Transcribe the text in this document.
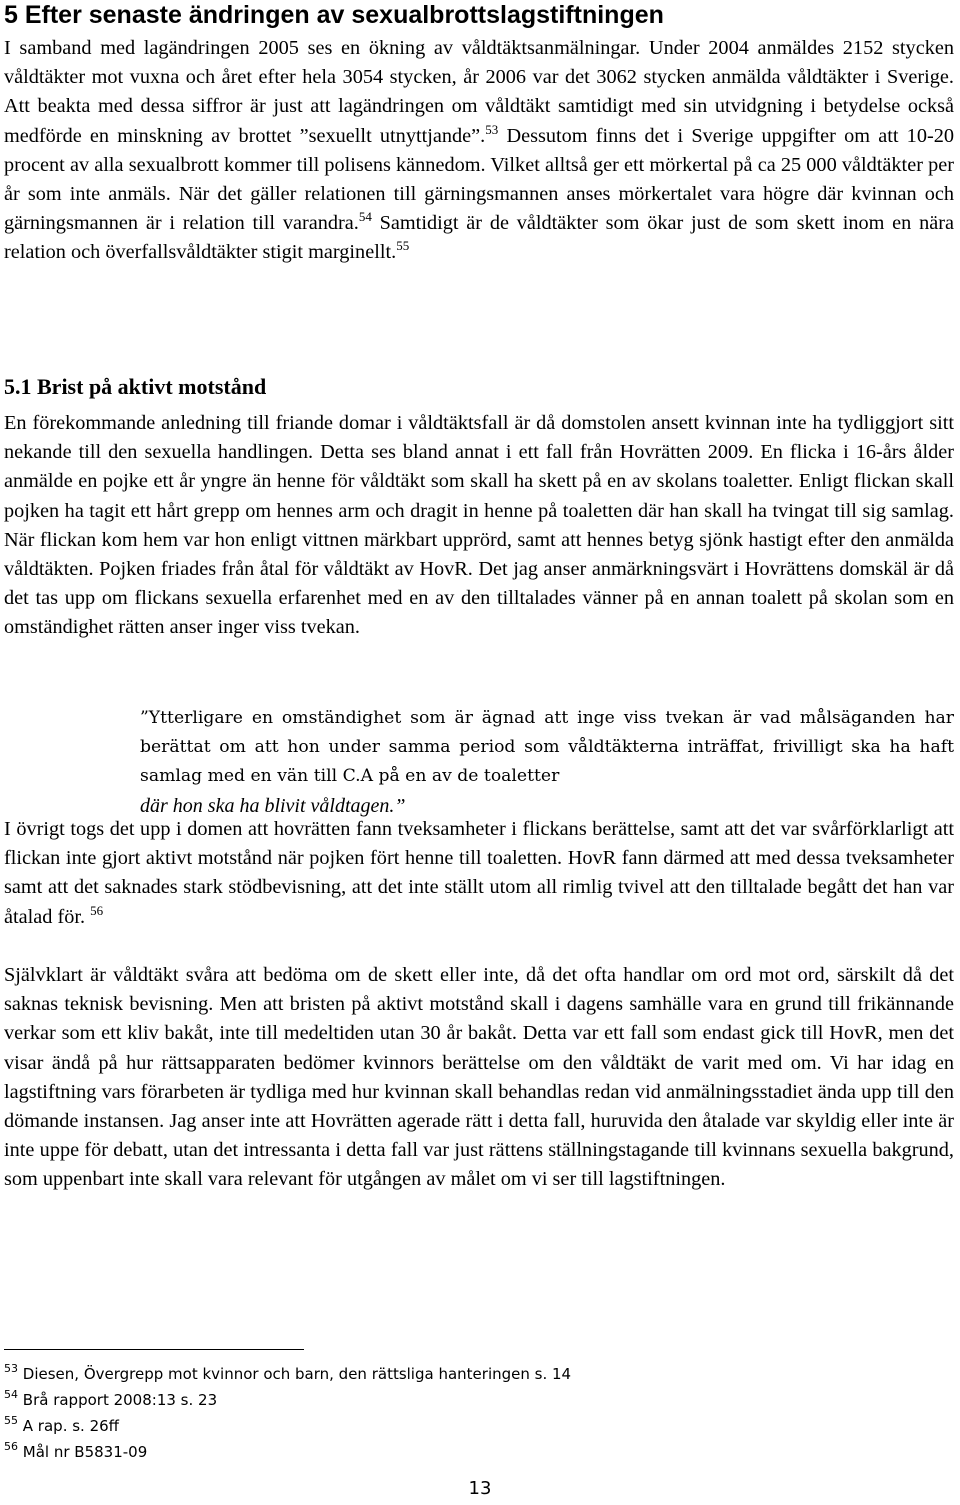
5 Efter senaste ändringen av sexualbrottslagstiftningen

I samband med lagändringen 2005 ses en ökning av våldtäktsanmälningar. Under 2004 anmäldes 2152 stycken våldtäkter mot vuxna och året efter hela 3054 stycken, år 2006 var det 3062 stycken anmälda våldtäkter i Sverige. Att beakta med dessa siffror är just att lagändringen om våldtäkt samtidigt med sin utvidgning i betydelse också medförde en minskning av brottet ”sexuellt utnyttjande”.$^{53}$ Dessutom finns det i Sverige uppgifter om att 10-20 procent av alla sexualbrott kommer till polisens kännedom. Vilket alltså ger ett mörkertal på ca 25 000 våldtäkter per år som inte anmäls. När det gäller relationen till gärningsmannen anses mörkertalet vara högre där kvinnan och gärningsmannen är i relation till varandra.$^{54}$ Samtidigt är de våldtäkter som ökar just de som skett inom en nära relation och överfallsvåldtäkter stigit marginellt.$^{55}$

5.1 Brist på aktivt motstånd

En förekommande anledning till friande domar i våldtäktsfall är då domstolen ansett kvinnan inte ha tydliggjort sitt nekande till den sexuella handlingen. Detta ses bland annat i ett fall från Hovrätten 2009. En flicka i 16-års ålder anmälde en pojke ett år yngre än henne för våldtäkt som skall ha skett på en av skolans toaletter. Enligt flickan skall pojken ha tagit ett hårt grepp om hennes arm och dragit in henne på toaletten där han skall ha tvingat till sig samlag. När flickan kom hem var hon enligt vittnen märkbart upprörd, samt att hennes betyg sjönk hastigt efter den anmälda våldtäkten. Pojken friades från åtal för våldtäkt av HovR. Det jag anser anmärkningsvärt i Hovrättens domskäl är då det tas upp om flickans sexuella erfarenhet med en av den tilltalades vänner på en annan toalett på skolan som en omständighet rätten anser inger viss tvekan.

”Ytterligare en omständighet som är ägnad att inge viss tvekan är vad målsäganden har berättat om att hon under samma period som våldtäkterna inträffat, frivilligt ska ha haft samlag med en vän till C.A på en av de toaletter
där hon ska ha blivit våldtagen.”

I övrigt togs det upp i domen att hovrätten fann tveksamheter i flickans berättelse, samt att det var svårförklarligt att flickan inte gjort aktivt motstånd när pojken fört henne till toaletten. HovR fann därmed att med dessa tveksamheter samt att det saknades stark stödbevisning, att det inte ställt utom all rimlig tvivel att den tilltalade begått det han var åtalad för. $^{56}$

Självklart är våldtäkt svåra att bedöma om de skett eller inte, då det ofta handlar om ord mot ord, särskilt då det saknas teknisk bevisning. Men att bristen på aktivt motstånd skall i dagens samhälle vara en grund till frikännande verkar som ett kliv bakåt, inte till medeltiden utan 30 år bakåt. Detta var ett fall som endast gick till HovR, men det visar ändå på hur rättsapparaten bedömer kvinnors berättelse om den våldtäkt de varit med om. Vi har idag en lagstiftning vars förarbeten är tydliga med hur kvinnan skall behandlas redan vid anmälningsstadiet ända upp till den dömande instansen. Jag anser inte att Hovrätten agerade rätt i detta fall, huruvida den åtalade var skyldig eller inte är inte uppe för debatt, utan det intressanta i detta fall var just rättens ställningstagande till kvinnans sexuella bakgrund, som uppenbart inte skall vara relevant för utgången av målet om vi ser till lagstiftningen.

$^{53}$ Diesen, Övergrepp mot kvinnor och barn, den rättsliga hanteringen s. 14

$^{54}$ Brå rapport 2008:13 s. 23

$^{55}$ A rap. s. 26ff

$^{56}$ Mål nr B5831-09

13
